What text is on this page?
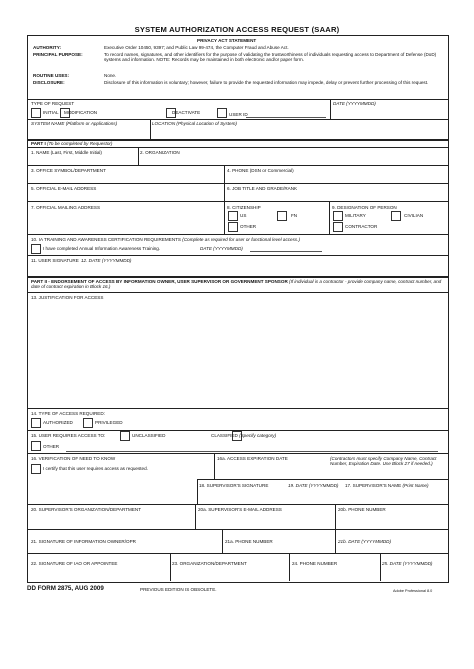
SYSTEM AUTHORIZATION ACCESS REQUEST (SAAR)
PRIVACY ACT STATEMENT
AUTHORITY:	Executive Order 10450, 9397; and Public Law 99-474, the Computer Fraud and Abuse Act.
PRINCIPAL PURPOSE:	To record names, signatures, and other identifiers for the purpose of validating the trustworthiness of individuals requesting access to Department of Defense (DoD) systems and information. NOTE: Records may be maintained in both electronic and/or paper form.
ROUTINE USES:	None.
DISCLOSURE:	Disclosure of this information is voluntary; however, failure to provide the requested information may impede, delay or prevent further processing of this request.
TYPE OF REQUEST
INITIAL MODIFICATION	DEACTIVATE	USER ID
DATE (YYYYMMDD)
SYSTEM NAME (Platform or Applications)	LOCATION (Physical Location of System)
PART I (To be completed by Requestor)
1. NAME (Last, First, Middle Initial)	2. ORGANIZATION
3. OFFICE SYMBOL/DEPARTMENT	4. PHONE (DSN or Commercial)
5. OFFICIAL E-MAIL ADDRESS	6. JOB TITLE AND GRADE/RANK
7. OFFICIAL MAILING ADDRESS	8. CITIZENSHIP
US	FN
OTHER
9. DESIGNATION OF PERSON
MILITARY	CIVILIAN
CONTRACTOR
10. IA TRAINING AND AWARENESS CERTIFICATION REQUIREMENTS (Complete as required for user or functional level access.)
I have completed Annual Information Awareness Training.	DATE (YYYYMMDD)
11. USER SIGNATURE 12. DATE (YYYYMMDD)
PART II - ENDORSEMENT OF ACCESS BY INFORMATION OWNER, USER SUPERVISOR OR GOVERNMENT SPONSOR (If individual is a contractor - provide company name, contract number, and date of contract expiration in Block 16.)
13. JUSTIFICATION FOR ACCESS
14. TYPE OF ACCESS REQUIRED:
AUTHORIZED	PRIVILEGED
15. USER REQUIRES ACCESS TO:	UNCLASSIFIED	CLASSIFIED (Specify category)
OTHER
16. VERIFICATION OF NEED TO KNOW
I certify that this user requires access as requested.
16a. ACCESS EXPIRATION DATE	(Contractors must specify Company Name, Contract Number, Expiration Date. Use Block 27 if needed.)
18. SUPERVISOR'S SIGNATURE	19. DATE (YYYYMMDD) 17. SUPERVISOR'S NAME (Print Name)
20. SUPERVISOR'S ORGANIZATION/DEPARTMENT	20a. SUPERVISOR'S E-MAIL ADDRESS	20b. PHONE NUMBER
21. SIGNATURE OF INFORMATION OWNER/OPR	21a. PHONE NUMBER	21b. DATE (YYYYMMDD)
22. SIGNATURE OF IAO OR APPOINTEE	23. ORGANIZATION/DEPARTMENT	24. PHONE NUMBER	25. DATE (YYYYMMDD)
DD FORM 2875, AUG 2009	PREVIOUS EDITION IS OBSOLETE.	Adobe Professional 8.0
